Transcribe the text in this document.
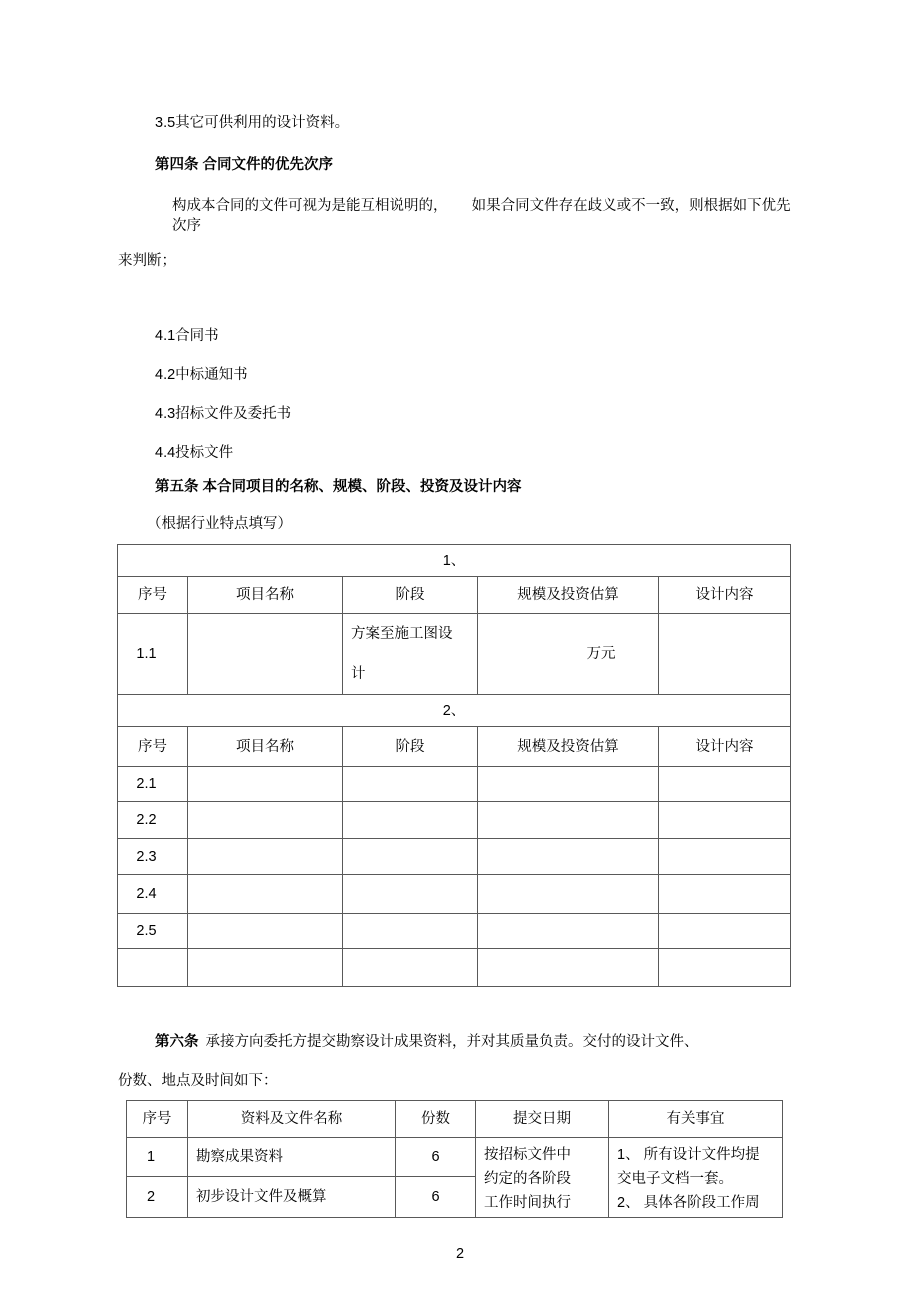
3.5其它可供利用的设计资料。
第四条 合同文件的优先次序
构成本合同的文件可视为是能互相说明的，      如果合同文件存在歧义或不一致，则根据如下优先次序
来判断；
4.1合同书
4.2中标通知书
4.3招标文件及委托书
4.4投标文件
第五条 本合同项目的名称、规模、阶段、投资及设计内容
（根据行业特点填写）
1、				
序号	项目名称	阶段	规模及投资估算	设计内容
1.1		方案至施工图设计	万元	
2、				
序号	项目名称	阶段	规模及投资估算	设计内容
2.1				
2.2				
2.3				
2.4				
2.5				

第六条 承接方向委托方提交勘察设计成果资料，并对其质量负责。交付的设计文件、
份数、地点及时间如下：
序号	资料及文件名称	份数	提交日期	有关事宜
1	勘察成果资料	6	按招标文件中约定的各阶段工作时间执行	1、 所有设计文件均提交电子文档一套。
2、 具体各阶段工作周

2	初步设计文件及概算	6		
2
